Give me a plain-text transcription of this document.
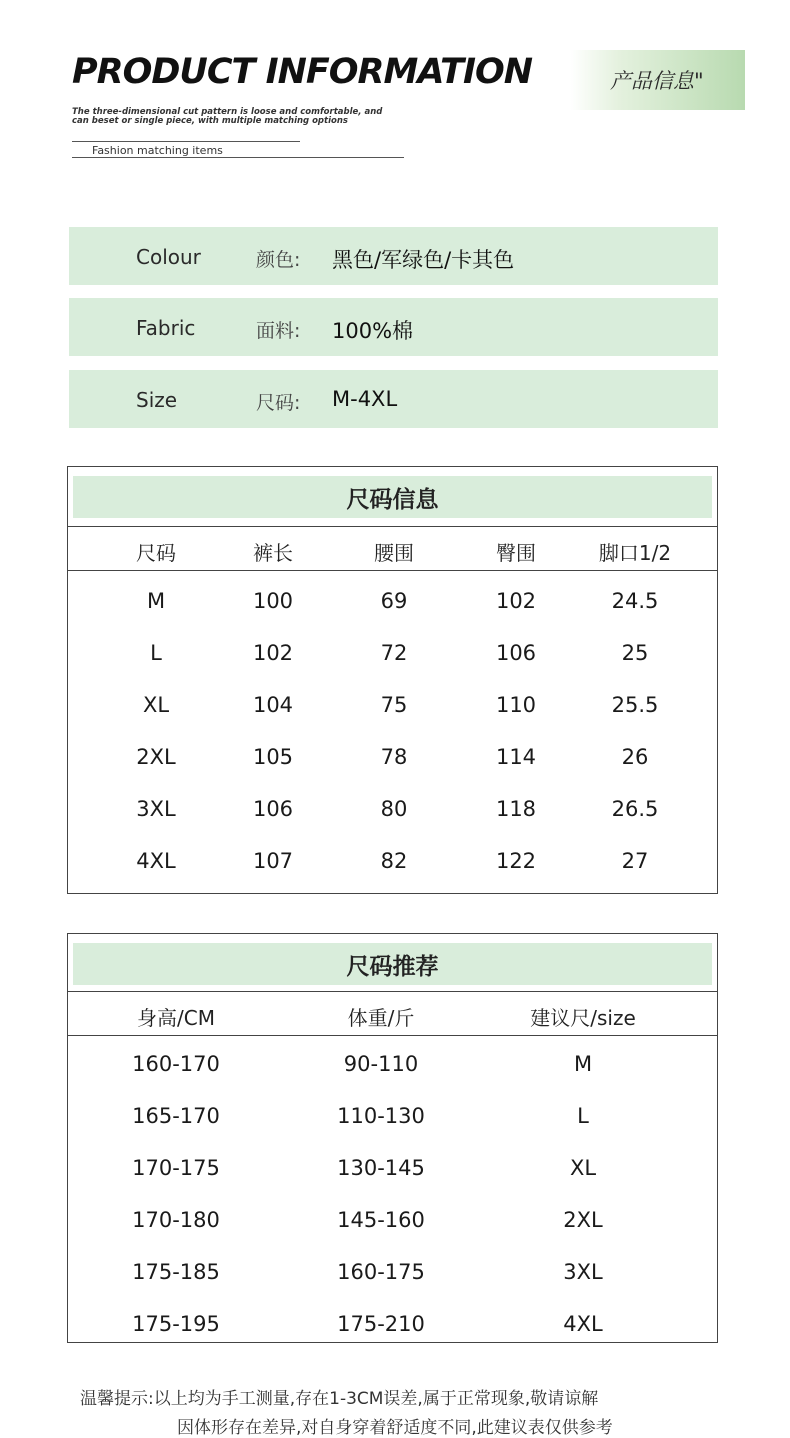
PRODUCT INFORMATION
The three-dimensional cut pattern is loose and comfortable, and
can beset or single piece, with multiple matching options
Fashion matching items
产品信息"
Colour	颜色: 黑色/军绿色/卡其色
Fabric	面料: 100%棉
Size	尺码: M-4XL
尺码信息
尺码	裤长	腰围	臀围	脚口1/2
M	100	69	102	24.5
L	102	72	106	25
XL	104	75	110	25.5
2XL	105	78	114	26
3XL	106	80	118	26.5
4XL	107	82	122	27
尺码推荐
身高/CM	体重/斤	建议尺/size
160-170	90-110	M
165-170	110-130	L
170-175	130-145	XL
170-180	145-160	2XL
175-185	160-175	3XL
175-195	175-210	4XL
温馨提示:以上均为手工测量,存在1-3CM误差,属于正常现象,敬请谅解
因体形存在差异,对自身穿着舒适度不同,此建议表仅供参考
